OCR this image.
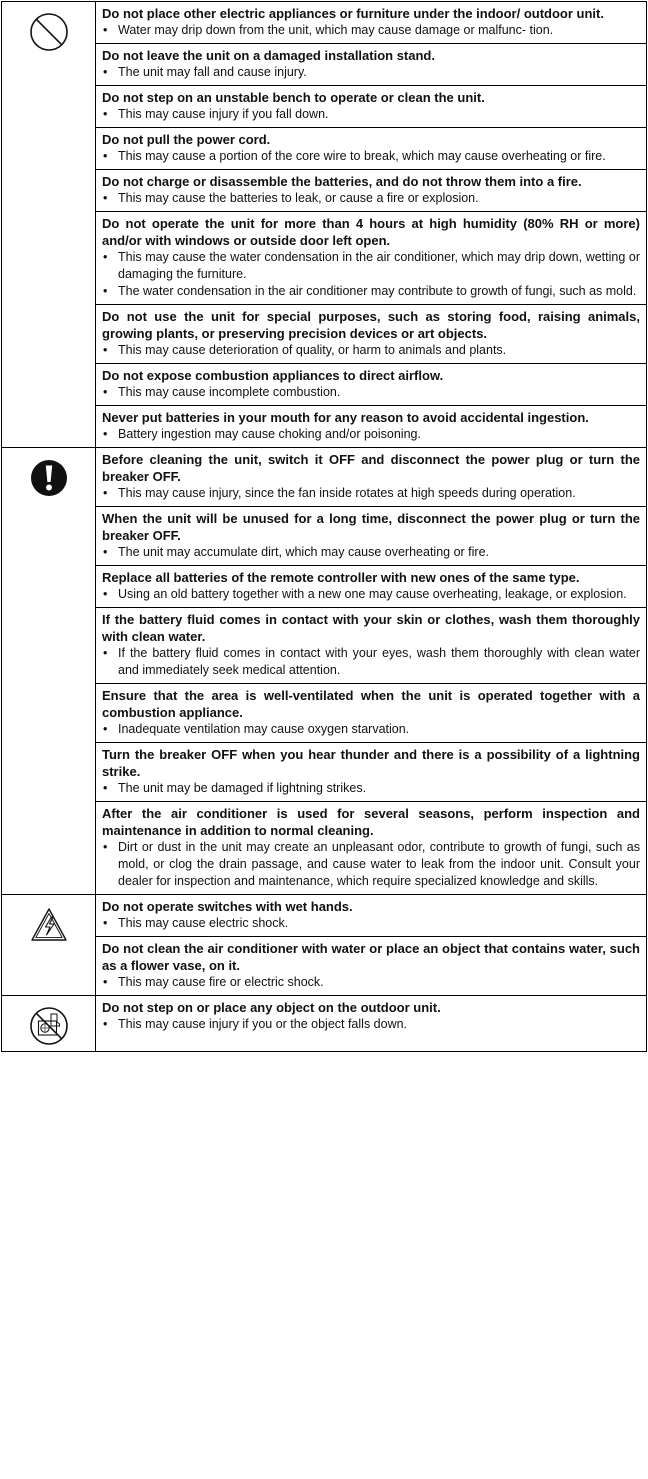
Do not place other electric appliances or furniture under the indoor/ outdoor unit.
• Water may drip down from the unit, which may cause damage or malfunc- tion.

	Do not leave the unit on a damaged installation stand.
• The unit may fall and cause injury.

	Do not step on an unstable bench to operate or clean the unit.
• This may cause injury if you fall down.

	Do not pull the power cord.
• This may cause a portion of the core wire to break, which may cause overheating or fire.

	Do not charge or disassemble the batteries, and do not throw them into a fire.
• This may cause the batteries to leak, or cause a fire or explosion.

	Do not operate the unit for more than 4 hours at high humidity (80% RH or more) and/or with windows or outside door left open.
• This may cause the water condensation in the air conditioner, which may drip down, wetting or damaging the furniture.
• The water condensation in the air conditioner may contribute to growth of fungi, such as mold.

	Do not use the unit for special purposes, such as storing food, raising animals, growing plants, or preserving precision devices or art objects.
• This may cause deterioration of quality, or harm to animals and plants.

	Do not expose combustion appliances to direct airflow.
• This may cause incomplete combustion.

	Never put batteries in your mouth for any reason to avoid accidental ingestion.
• Battery ingestion may cause choking and/or poisoning.

Before cleaning the unit, switch it OFF and disconnect the power plug or turn the breaker OFF.
• This may cause injury, since the fan inside rotates at high speeds during operation.

	When the unit will be unused for a long time, disconnect the power plug or turn the breaker OFF.
• The unit may accumulate dirt, which may cause overheating or fire.

	Replace all batteries of the remote controller with new ones of the same type.
• Using an old battery together with a new one may cause overheating, leakage, or explosion.

	If the battery fluid comes in contact with your skin or clothes, wash them thoroughly with clean water.
• If the battery fluid comes in contact with your eyes, wash them thoroughly with clean water and immediately seek medical attention.

	Ensure that the area is well-ventilated when the unit is operated together with a combustion appliance.
• Inadequate ventilation may cause oxygen starvation.

	Turn the breaker OFF when you hear thunder and there is a possibility of a lightning strike.
• The unit may be damaged if lightning strikes.

	After the air conditioner is used for several seasons, perform inspection and maintenance in addition to normal cleaning.
• Dirt or dust in the unit may create an unpleasant odor, contribute to growth of fungi, such as mold, or clog the drain passage, and cause water to leak from the indoor unit. Consult your dealer for inspection and maintenance, which require specialized knowledge and skills.

Do not operate switches with wet hands.
• This may cause electric shock.

	Do not clean the air conditioner with water or place an object that contains water, such as a flower vase, on it.
• This may cause fire or electric shock.

Do not step on or place any object on the outdoor unit.
• This may cause injury if you or the object falls down.
